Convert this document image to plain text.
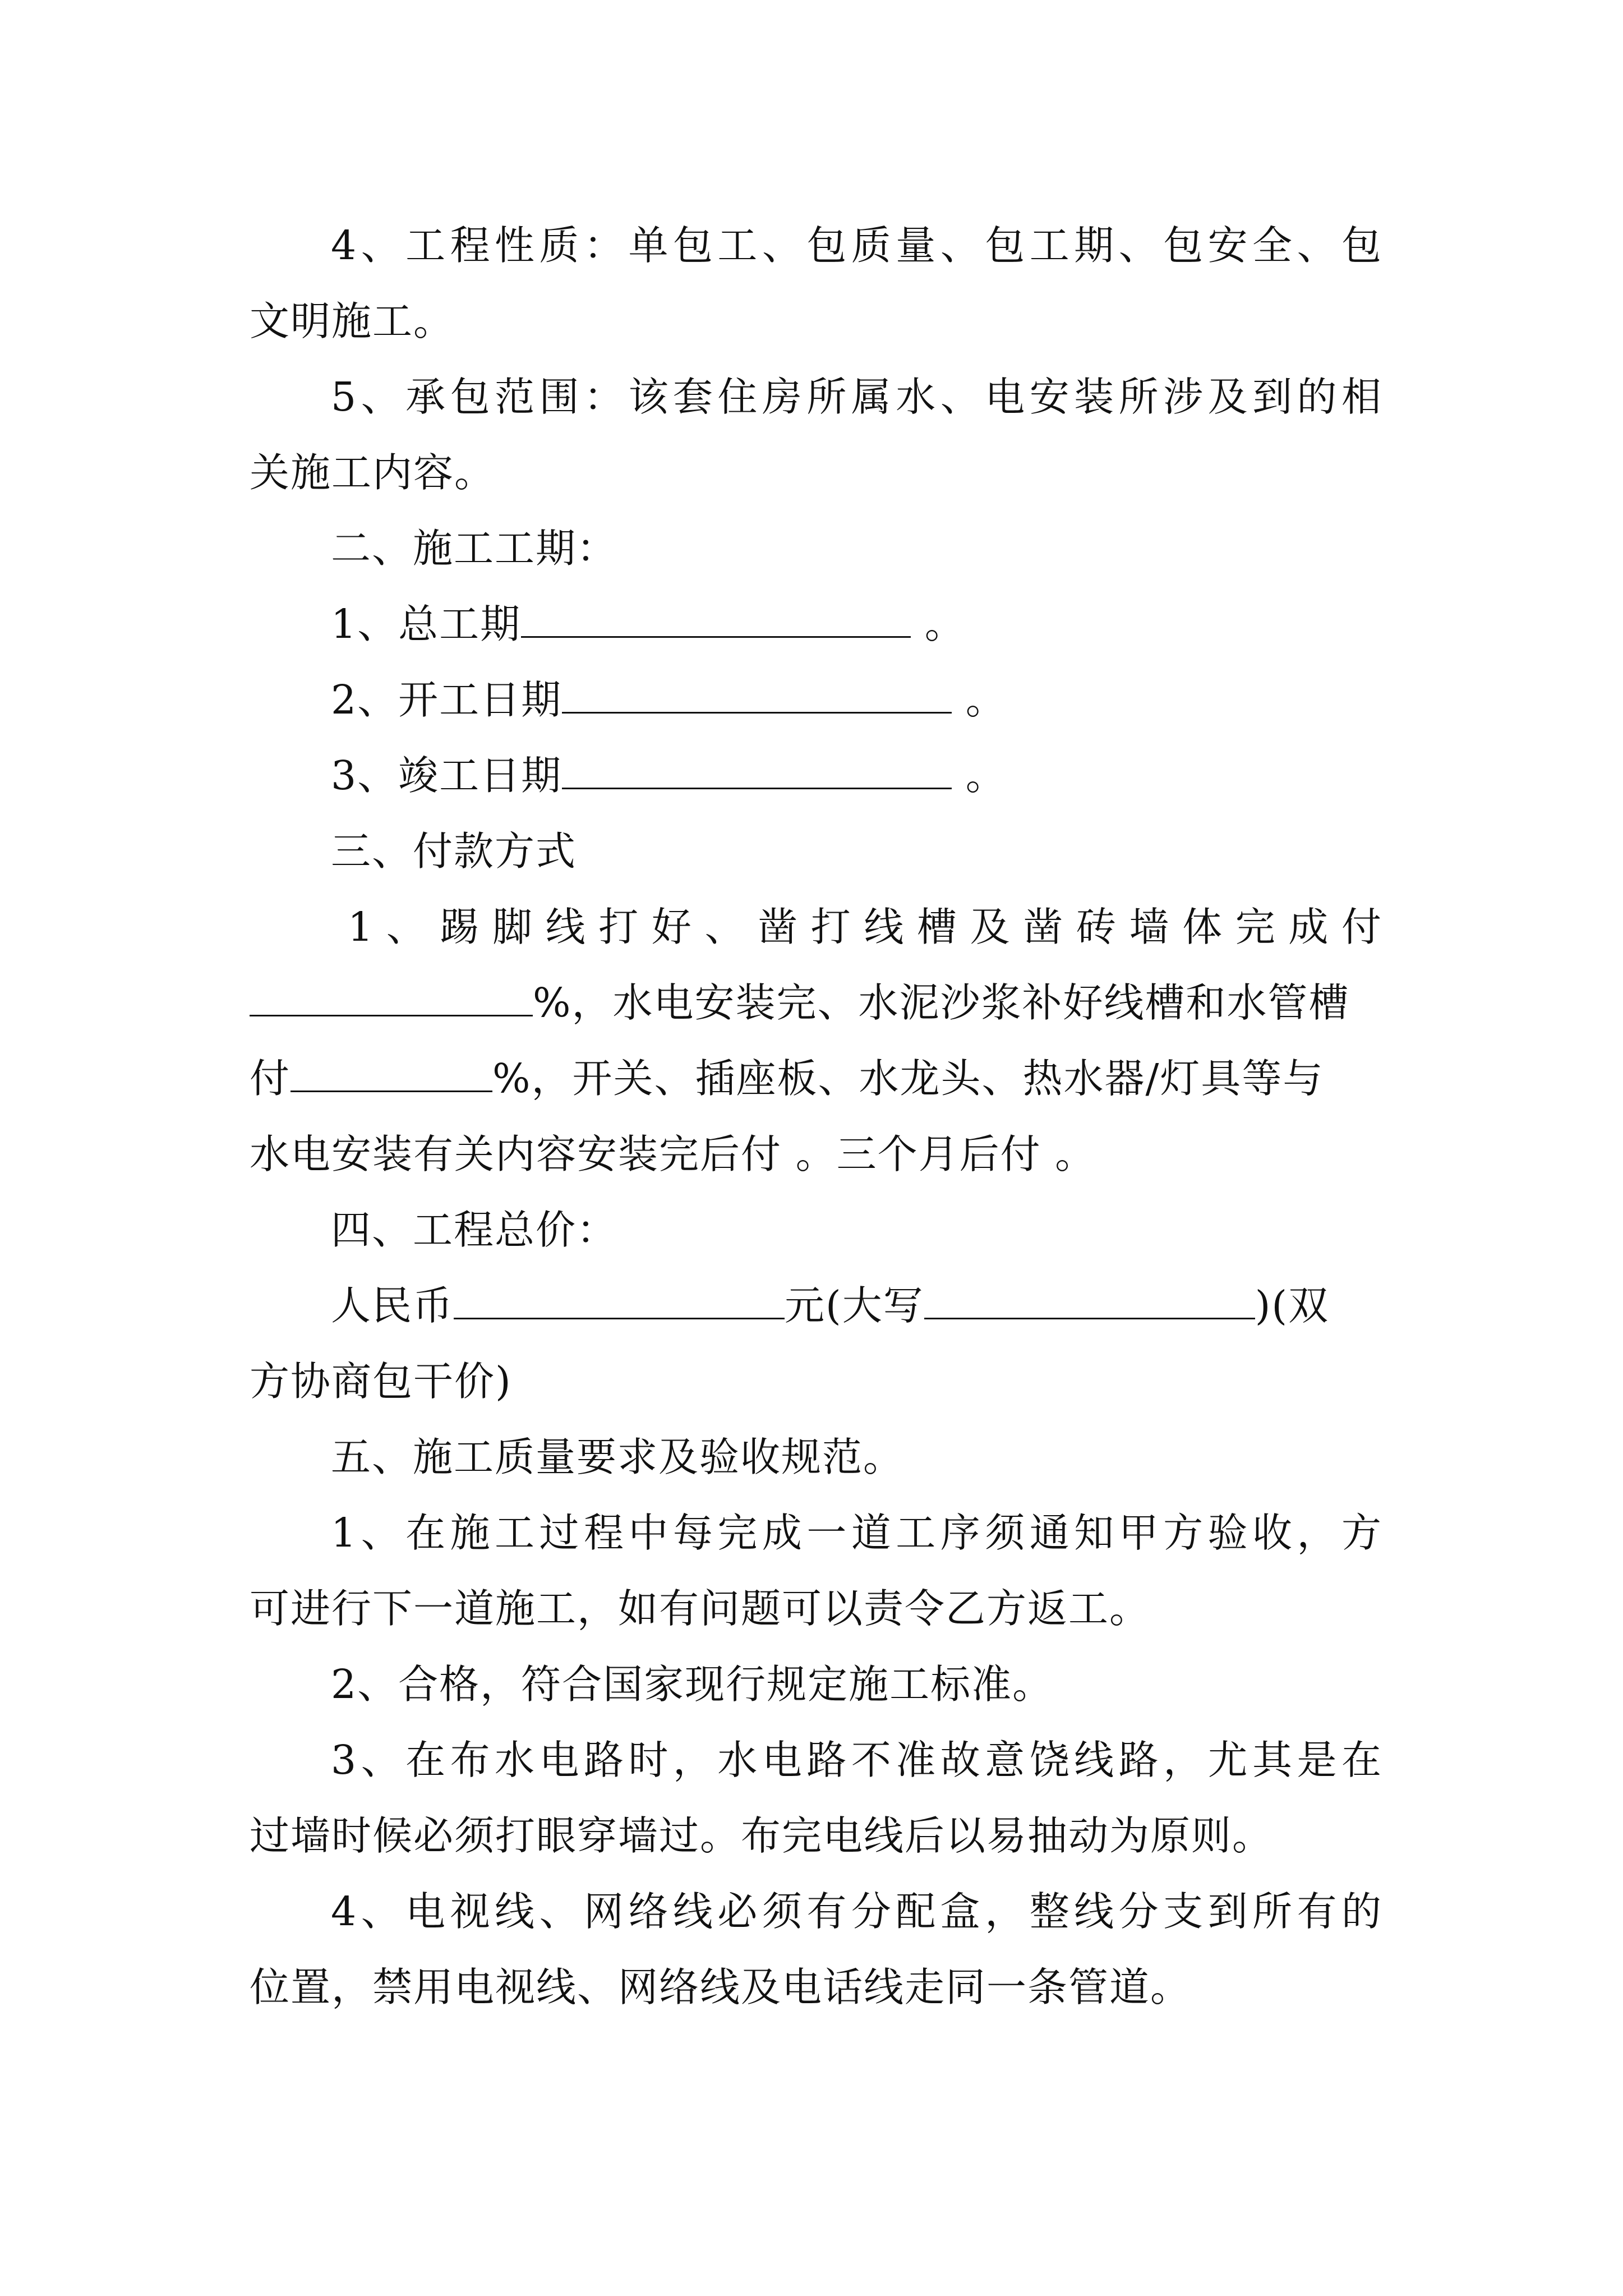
4、工程性质：单包工、包质量、包工期、包安全、包
文明施工。
5、承包范围：该套住房所属水、电安装所涉及到的相
关施工内容。
二、施工工期：
1、总工期	。
2、开工日期	。
3、竣工日期	。
三、付款方式
1、踢脚线打好、凿打线槽及凿砖墙体完成付
%，水电安装完、水泥沙浆补好线槽和水管槽
付	%，开关、插座板、水龙头、热水器/灯具等与
水电安装有关内容安装完后付 。三个月后付 。
四、工程总价：
人民币	元(大写	)(双
方协商包干价)
五、施工质量要求及验收规范。
1、在施工过程中每完成一道工序须通知甲方验收，方
可进行下一道施工，如有问题可以责令乙方返工。
2、合格，符合国家现行规定施工标准。
3、在布水电路时，水电路不准故意饶线路，尤其是在
过墙时候必须打眼穿墙过。布完电线后以易抽动为原则。
4、电视线、网络线必须有分配盒，整线分支到所有的
位置，禁用电视线、网络线及电话线走同一条管道。
